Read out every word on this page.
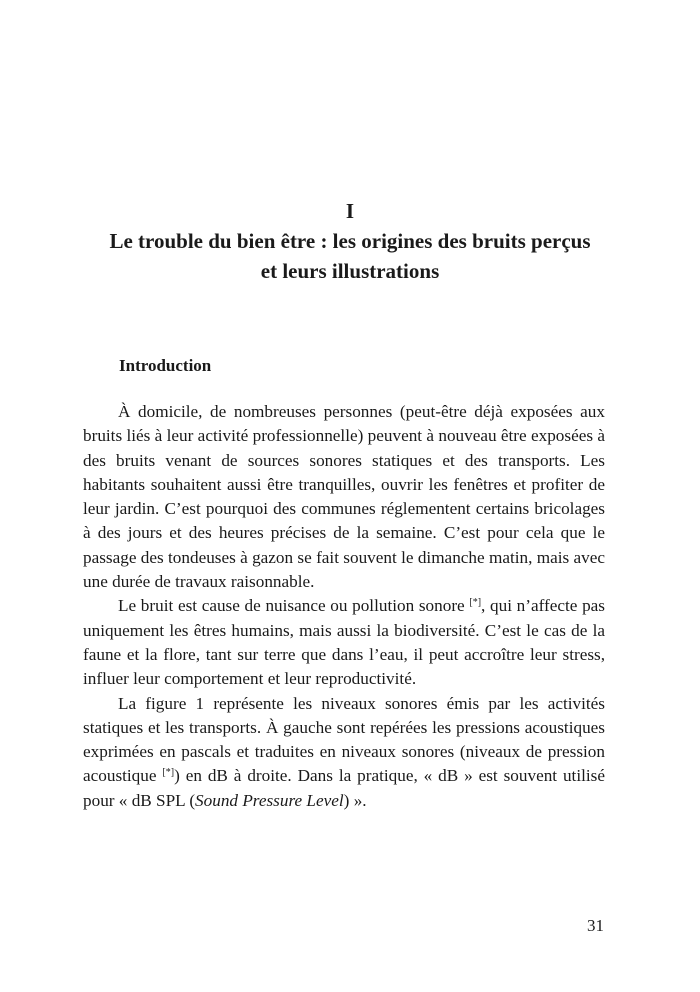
I
Le trouble du bien être : les origines des bruits perçus
et leurs illustrations
Introduction

À domicile, de nombreuses personnes (peut-être déjà exposées aux bruits liés à leur activité professionnelle) peuvent à nouveau être exposées à des bruits venant de sources sonores statiques et des transports. Les habitants souhaitent aussi être tranquilles, ouvrir les fenêtres et profiter de leur jardin. C’est pourquoi des communes réglementent certains bricolages à des jours et des heures précises de la semaine. C’est pour cela que le passage des tondeuses à gazon se fait souvent le dimanche matin, mais avec une durée de travaux raisonnable.

Le bruit est cause de nuisance ou pollution sonore [*], qui n’affecte pas uniquement les êtres humains, mais aussi la biodiversité. C’est le cas de la faune et la flore, tant sur terre que dans l’eau, il peut accroître leur stress, influer leur comportement et leur reproductivité.

La figure 1 représente les niveaux sonores émis par les activités statiques et les transports. À gauche sont repérées les pressions acoustiques exprimées en pascals et traduites en niveaux sonores (niveaux de pression acoustique [*]) en dB à droite. Dans la pratique, « dB » est souvent utilisé pour « dB SPL (Sound Pressure Level) ».

31
